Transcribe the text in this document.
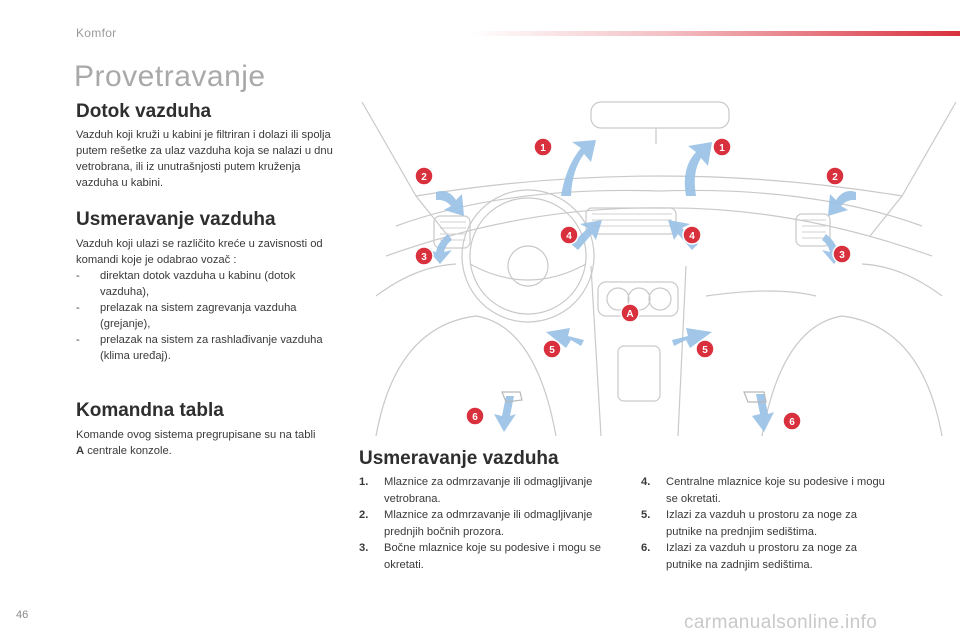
Komfor
Provetravanje
Dotok vazduha
Vazduh koji kruži u kabini je filtriran i dolazi ili spolja putem rešetke za ulaz vazduha koja se nalazi u dnu vetrobrana, ili iz unutrašnjosti putem kruženja vazduha u kabini.
Usmeravanje vazduha
Vazduh koji ulazi se različito kreće u zavisnosti od komandi koje je odabrao vozač :
- direktan dotok vazduha u kabinu (dotok vazduha),
- prelazak na sistem zagrevanja vazduha (grejanje),
- prelazak na sistem za rashlađivanje vazduha (klima uređaj).
Komandna tabla
Komande ovog sistema pregrupisane su na tabli A centrale konzole.
1	1
2	2
3	3
4	4
5	5
6	6
A
Usmeravanje vazduha
1. Mlaznice za odmrzavanje ili odmagljivanje vetrobrana.
2. Mlaznice za odmrzavanje ili odmagljivanje prednjih bočnih prozora.
3. Bočne mlaznice koje su podesive i mogu se okretati.
4. Centralne mlaznice koje su podesive i mogu se okretati.
5. Izlazi za vazduh u prostoru za noge za putnike na prednjim sedištima.
6. Izlazi za vazduh u prostoru za noge za putnike na zadnjim sedištima.
46	carmanualsonline.info
